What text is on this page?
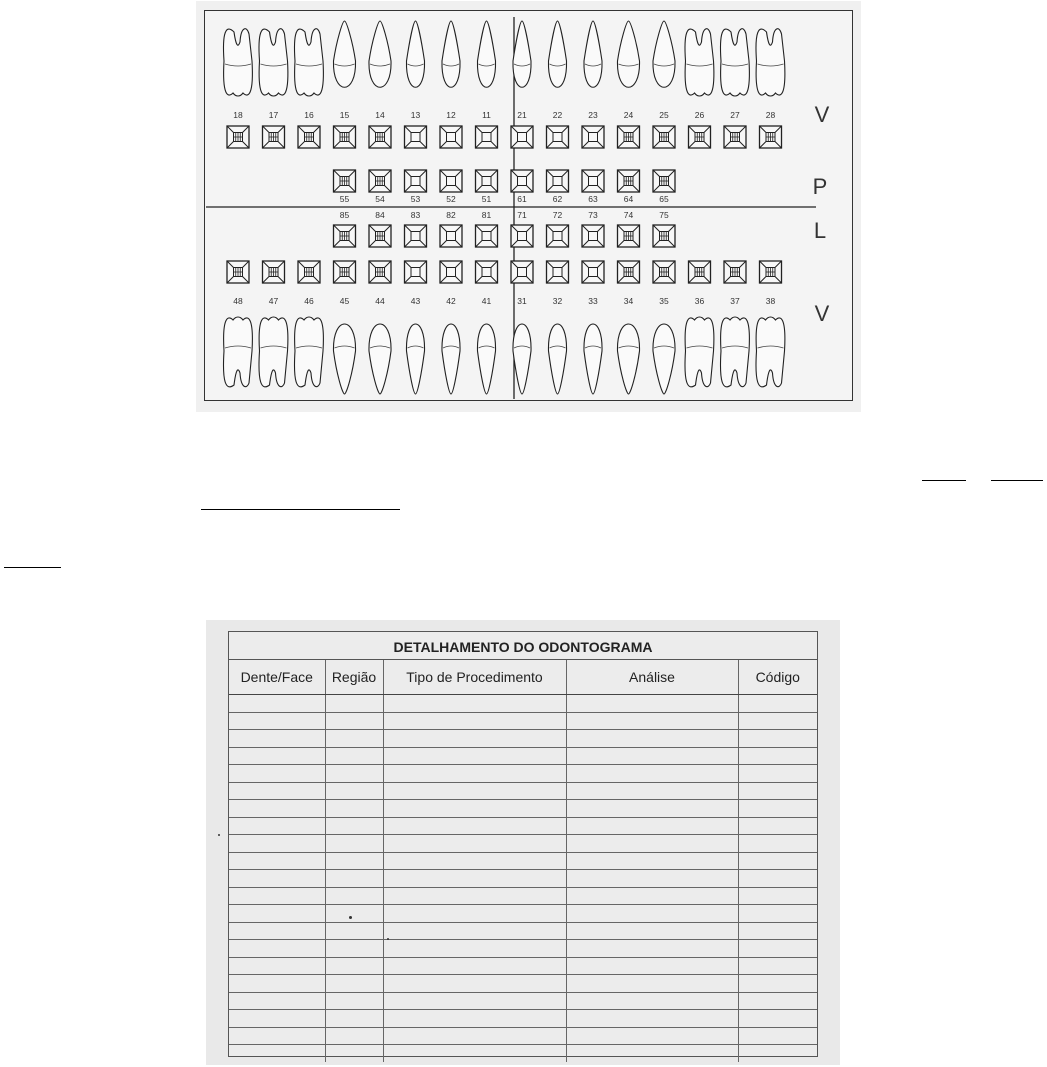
18	17	16	15	14	13	12	11	21	22	23	24	25	26	27	28
55	54	53	52	51	61	62	63	64	65
85	84	83	82	81	71	72	73	74	75
48	47	46	45	44	43	42	41	31	32	33	34	35	36	37	38
V
P
L
V
DETALHAMENTO DO ODONTOGRAMA
Dente/Face	Região	Tipo de Procedimento	Análise	Código
